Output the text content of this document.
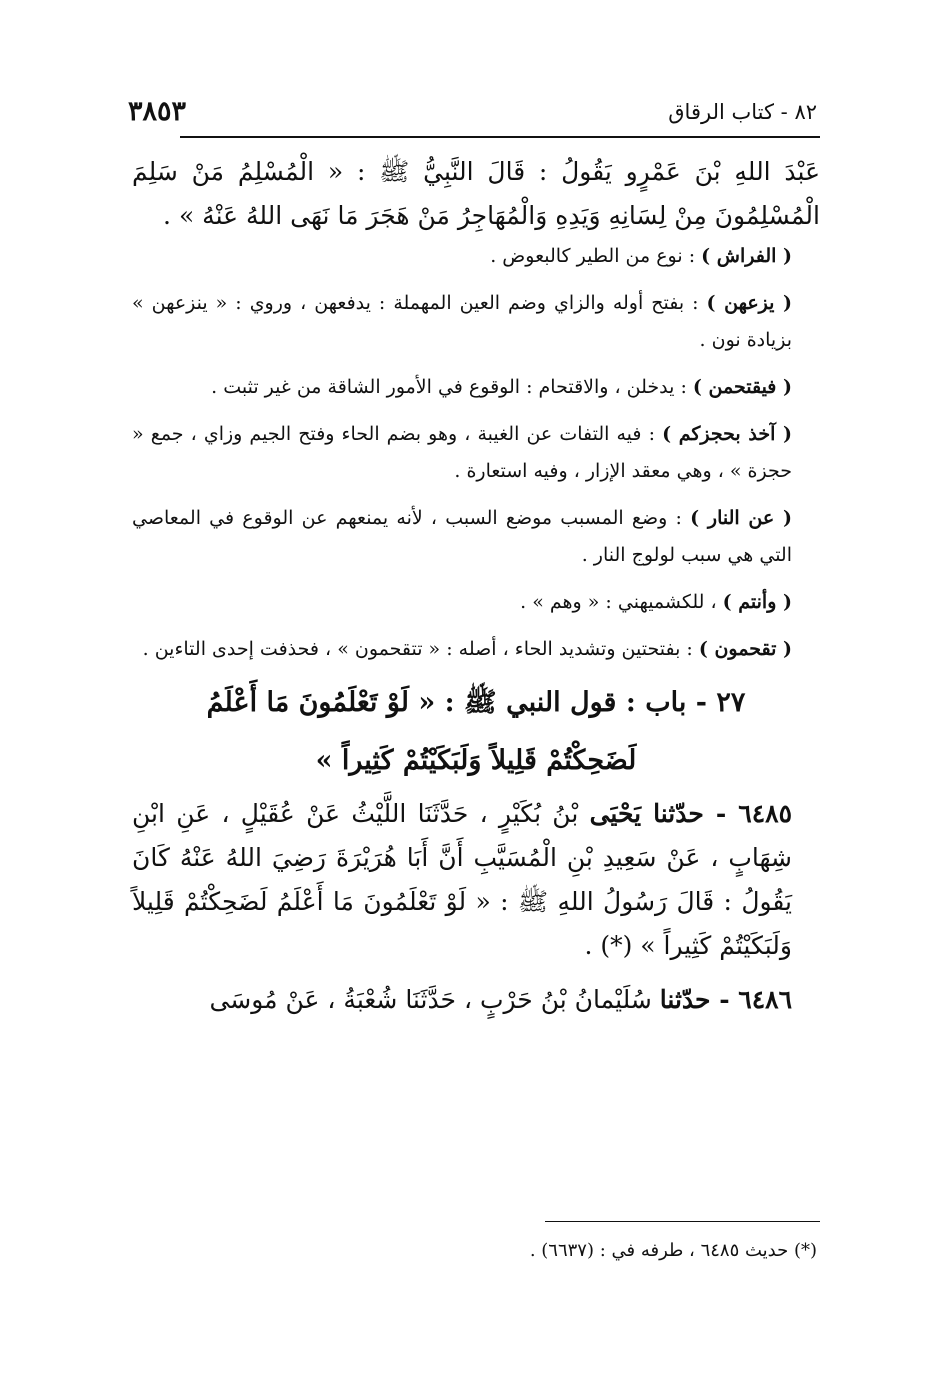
٣٨٥٣	٨٢ - كتاب الرقاق

عَبْدَ اللهِ بْنَ عَمْرٍو يَقُولُ : قَالَ النَّبِيُّ ﷺ : « الْمُسْلِمُ مَنْ سَلِمَ الْمُسْلِمُونَ مِنْ لِسَانِهِ وَيَدِهِ وَالْمُهَاجِرُ مَنْ هَجَرَ مَا نَهَى اللهُ عَنْهُ » .

( الفراش ) : نوع من الطير كالبعوض .

( يزعهن ) : بفتح أوله والزاي وضم العين المهملة : يدفعهن ، وروي : « ينزعهن » بزيادة نون .

( فيقتحمن ) : يدخلن ، والاقتحام : الوقوع في الأمور الشاقة من غير تثبت .

( آخذ بحجزكم ) : فيه التفات عن الغيبة ، وهو بضم الحاء وفتح الجيم وزاي ، جمع « حجزة » ، وهي معقد الإزار ، وفيه استعارة .

( عن النار ) : وضع المسبب موضع السبب ، لأنه يمنعهم عن الوقوع في المعاصي التي هي سبب لولوج النار .

( وأنتم ) ، للكشميهني : « وهم » .

( تقحمون ) : بفتحتين وتشديد الحاء ، أصله : « تتقحمون » ، فحذفت إحدى التاءين .

٢٧ - باب : قول النبي ﷺ : « لَوْ تَعْلَمُونَ مَا أَعْلَمُ
لَضَحِكْتُمْ قَلِيلاً وَلَبَكَيْتُمْ كَثِيراً »

٦٤٨٥ - حدّثنا يَحْيَى بْنُ بُكَيْرٍ ، حَدَّثَنَا اللَّيْثُ عَنْ عُقَيْلٍ ، عَنِ ابْنِ شِهَابٍ ، عَنْ سَعِيدِ بْنِ الْمُسَيَّبِ أَنَّ أَبَا هُرَيْرَةَ رَضِيَ اللهُ عَنْهُ كَانَ يَقُولُ : قَالَ رَسُولُ اللهِ ﷺ : « لَوْ تَعْلَمُونَ مَا أَعْلَمُ لَضَحِكْتُمْ قَلِيلاً وَلَبَكَيْتُمْ كَثِيراً » (*) .

٦٤٨٦ - حدّثنا سُلَيْمانُ بْنُ حَرْبٍ ، حَدَّثَنَا شُعْبَةُ ، عَنْ مُوسَى

(*) حديث ٦٤٨٥ ، طرفه في : (٦٦٣٧) .
